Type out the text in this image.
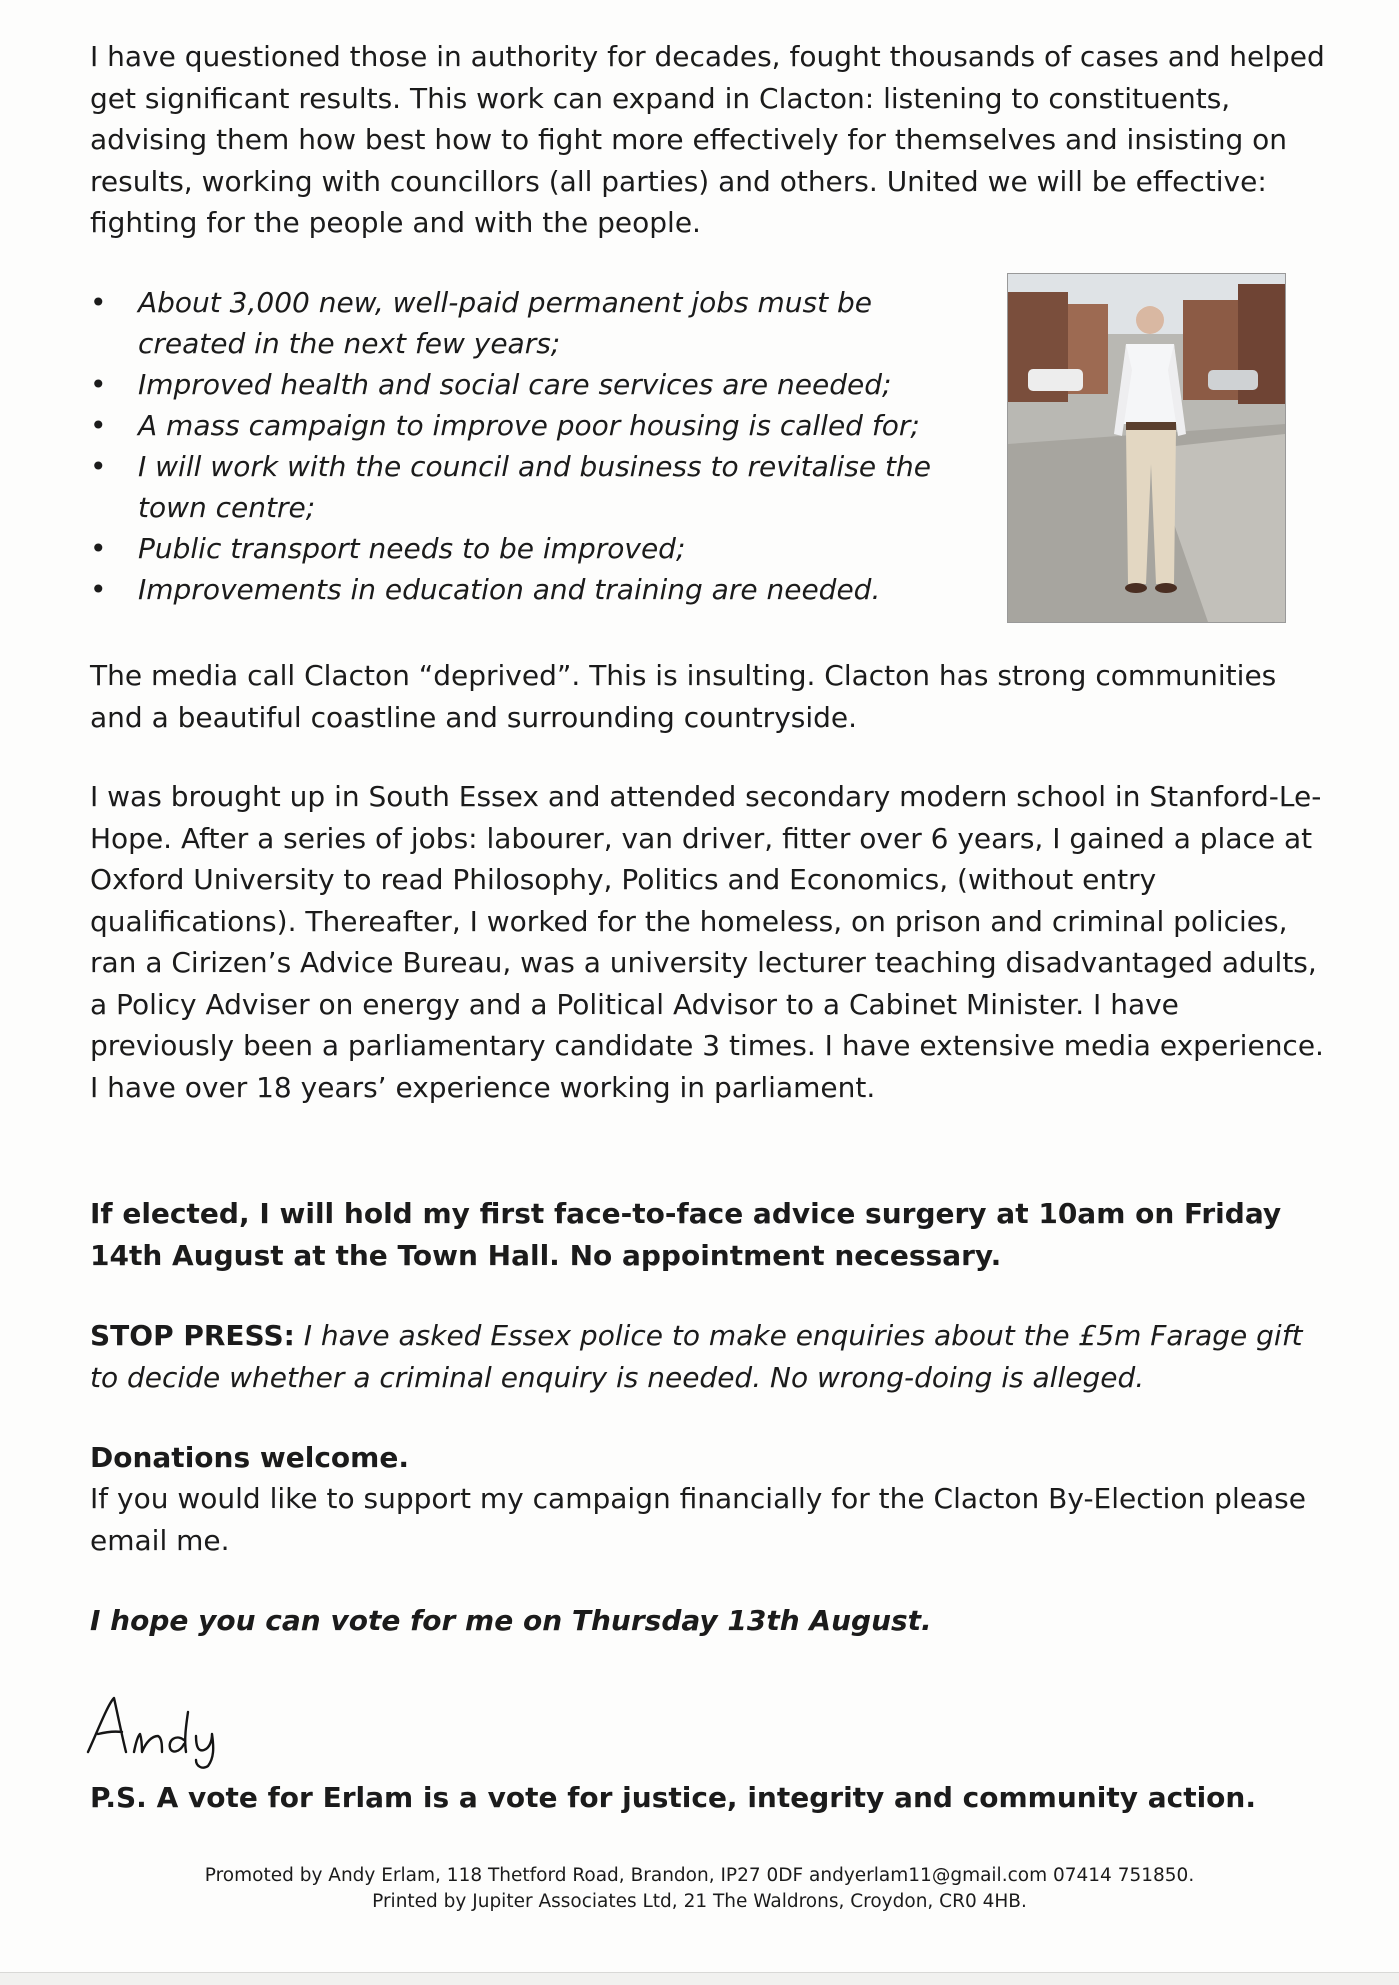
I have questioned those in authority for decades, fought thousands of cases and helped get significant results. This work can expand in Clacton: listening to constituents, advising them how best how to fight more effectively for themselves and insisting on results, working with councillors (all parties) and others. United we will be effective: fighting for the people and with the people.

• About 3,000 new, well-paid permanent jobs must be created in the next few years;
• Improved health and social care services are needed;
• A mass campaign to improve poor housing is called for;
• I will work with the council and business to revitalise the town centre;
• Public transport needs to be improved;
• Improvements in education and training are needed.

The media call Clacton “deprived”. This is insulting. Clacton has strong communities and a beautiful coastline and surrounding countryside.

I was brought up in South Essex and attended secondary modern school in Stanford-Le-Hope. After a series of jobs: labourer, van driver, fitter over 6 years, I gained a place at Oxford University to read Philosophy, Politics and Economics, (without entry qualifications). Thereafter, I worked for the homeless, on prison and criminal policies, ran a Cirizen’s Advice Bureau, was a university lecturer teaching disadvantaged adults, a Policy Adviser on energy and a Political Advisor to a Cabinet Minister. I have previously been a parliamentary candidate 3 times. I have extensive media experience. I have over 18 years’ experience working in parliament.

If elected, I will hold my first face-to-face advice surgery at 10am on Friday 14th August at the Town Hall. No appointment necessary.

STOP PRESS: I have asked Essex police to make enquiries about the £5m Farage gift to decide whether a criminal enquiry is needed. No wrong-doing is alleged.

Donations welcome.

If you would like to support my campaign financially for the Clacton By-Election please email me.

I hope you can vote for me on Thursday 13th August.

P.S. A vote for Erlam is a vote for justice, integrity and community action.

Promoted by Andy Erlam, 118 Thetford Road, Brandon, IP27 0DF andyerlam11@gmail.com 07414 751850.
Printed by Jupiter Associates Ltd, 21 The Waldrons, Croydon, CR0 4HB.
